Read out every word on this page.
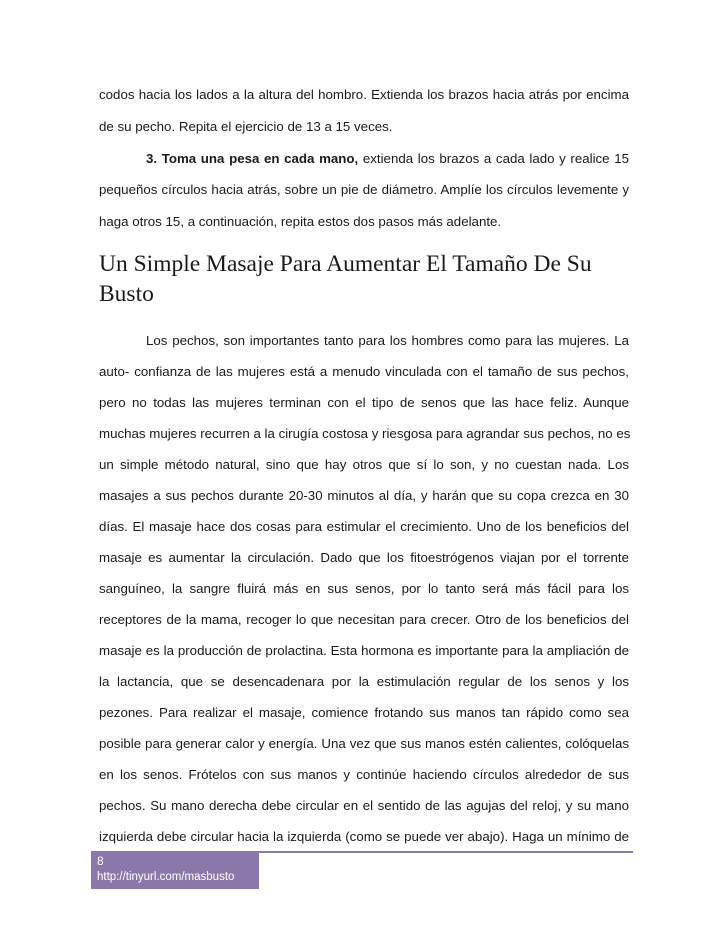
codos hacia los lados a la altura del hombro. Extienda los brazos hacia atrás por encima

de su pecho. Repita el ejercicio de 13 a 15 veces.

3. Toma una pesa en cada mano, extienda los brazos a cada lado y realice 15

pequeños círculos hacia atrás, sobre un pie de diámetro. Amplíe los círculos levemente y

haga otros 15, a continuación, repita estos dos pasos más adelante.

Un Simple Masaje Para Aumentar El Tamaño De Su
Busto

Los pechos, son importantes tanto para los hombres como para las mujeres. La

auto- confianza de las mujeres está a menudo vinculada con el tamaño de sus pechos,

pero no todas las mujeres terminan con el tipo de senos que las hace feliz. Aunque

muchas mujeres recurren a la cirugía costosa y riesgosa para agrandar sus pechos, no es

un simple método natural, sino que hay otros que sí lo son, y no cuestan nada. Los

masajes a sus pechos durante 20-30 minutos al día, y harán que su copa crezca en 30

días. El masaje hace dos cosas para estimular el crecimiento. Uno de los beneficios del

masaje es aumentar la circulación. Dado que los fitoestrógenos viajan por el torrente

sanguíneo, la sangre fluirá más en sus senos, por lo tanto será más fácil para los

receptores de la mama, recoger lo que necesitan para crecer. Otro de los beneficios del

masaje es la producción de prolactina. Esta hormona es importante para la ampliación de

la lactancia, que se desencadenara por la estimulación regular de los senos y los

pezones. Para realizar el masaje, comience frotando sus manos tan rápido como sea

posible para generar calor y energía. Una vez que sus manos estén calientes, colóquelas

en los senos. Frótelos con sus manos y continúe haciendo círculos alrededor de sus

pechos. Su mano derecha debe circular en el sentido de las agujas del reloj, y su mano

izquierda debe circular hacia la izquierda (como se puede ver abajo). Haga un mínimo de

8
http://tinyurl.com/masbusto
